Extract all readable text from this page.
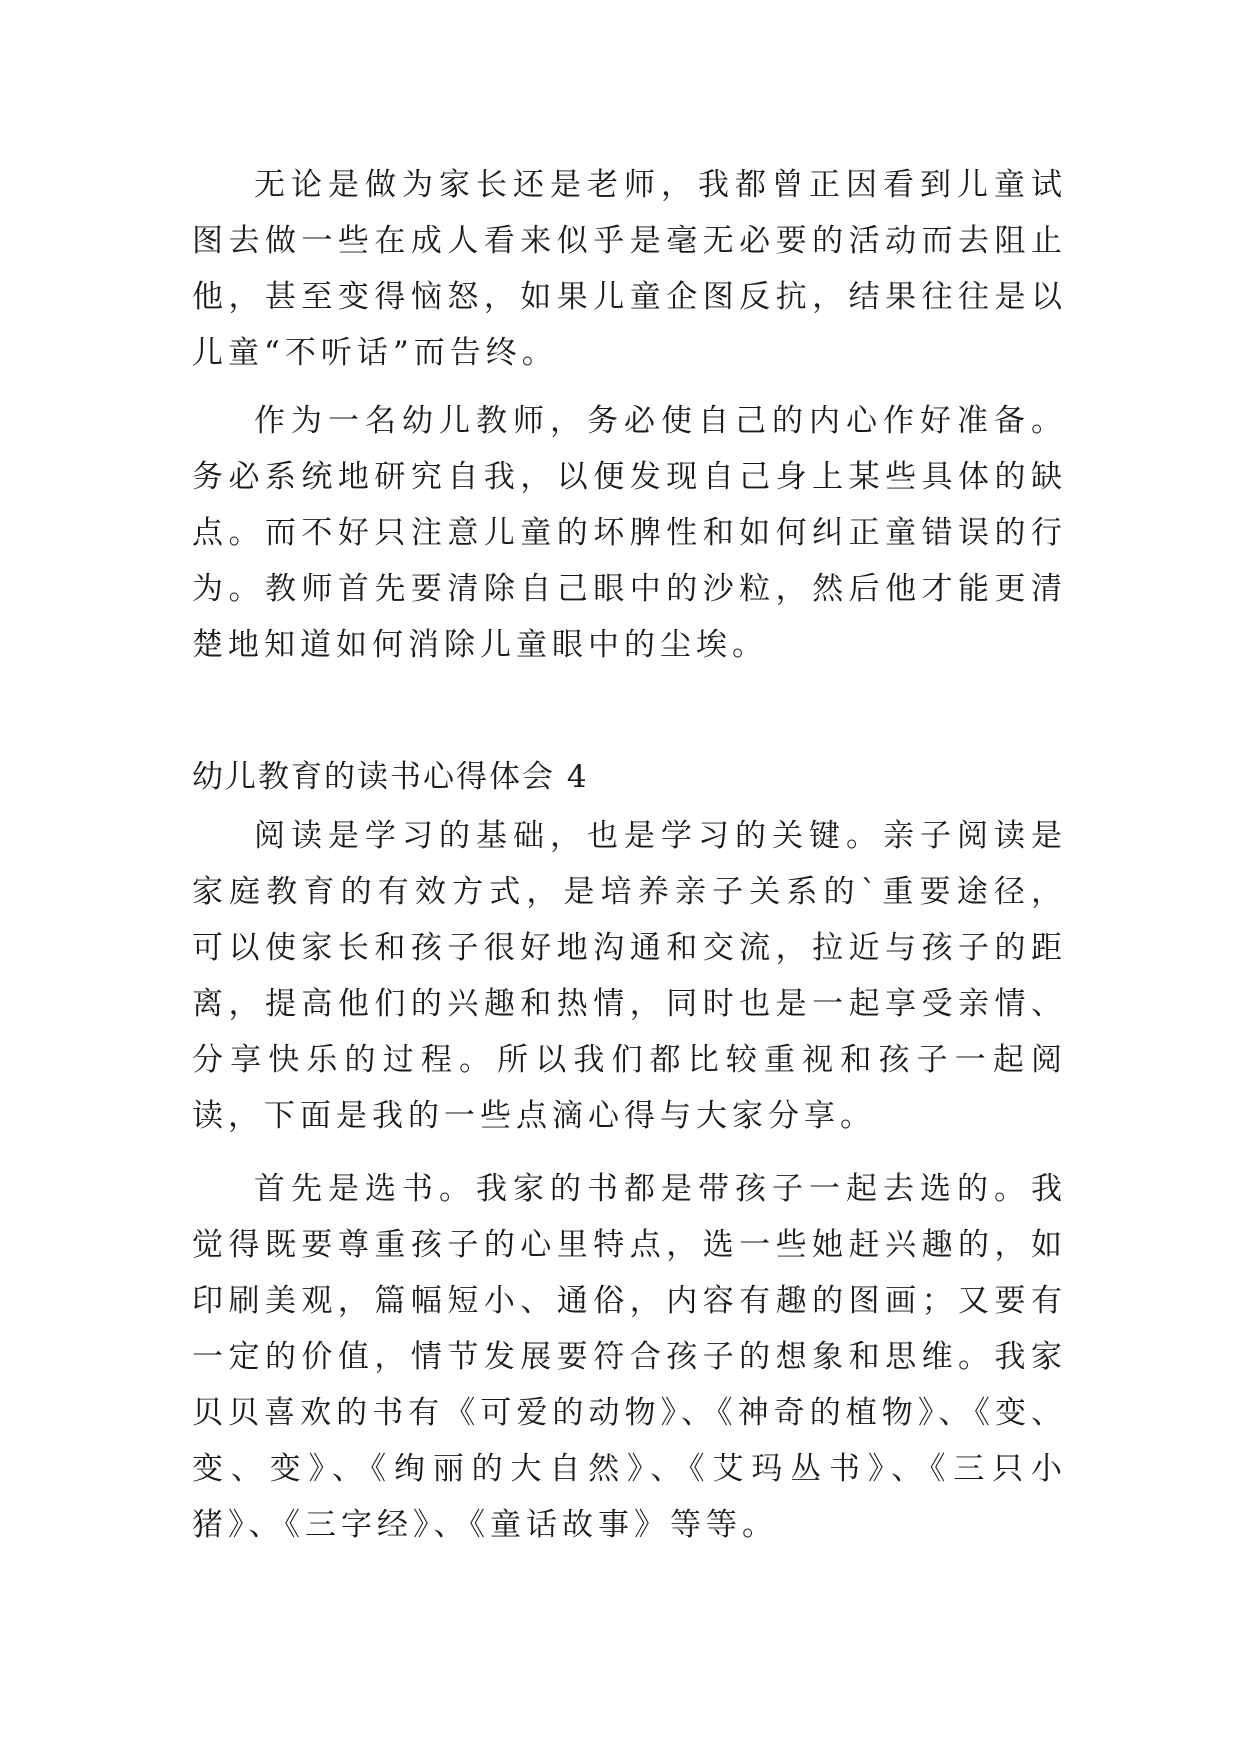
无论是做为家长还是老师，我都曾正因看到儿童试图去做一些在成人看来似乎是毫无必要的活动而去阻止他，甚至变得恼怒，如果儿童企图反抗，结果往往是以儿童“不听话”而告终。

作为一名幼儿教师，务必使自己的内心作好准备。务必系统地研究自我，以便发现自己身上某些具体的缺点。而不好只注意儿童的坏脾性和如何纠正童错误的行为。教师首先要清除自己眼中的沙粒，然后他才能更清楚地知道如何消除儿童眼中的尘埃。

幼儿教育的读书心得体会 4

阅读是学习的基础，也是学习的关键。亲子阅读是家庭教育的有效方式，是培养亲子关系的`重要途径，可以使家长和孩子很好地沟通和交流，拉近与孩子的距离，提高他们的兴趣和热情，同时也是一起享受亲情、分享快乐的过程。所以我们都比较重视和孩子一起阅读，下面是我的一些点滴心得与大家分享。

首先是选书。我家的书都是带孩子一起去选的。我觉得既要尊重孩子的心里特点，选一些她赶兴趣的，如印刷美观，篇幅短小、通俗，内容有趣的图画；又要有一定的价值，情节发展要符合孩子的想象和思维。我家贝贝喜欢的书有《可爱的动物》、《神奇的植物》、《变、变、变》、《绚丽的大自然》、《艾玛丛书》、《三只小猪》、《三字经》、《童话故事》等等。
